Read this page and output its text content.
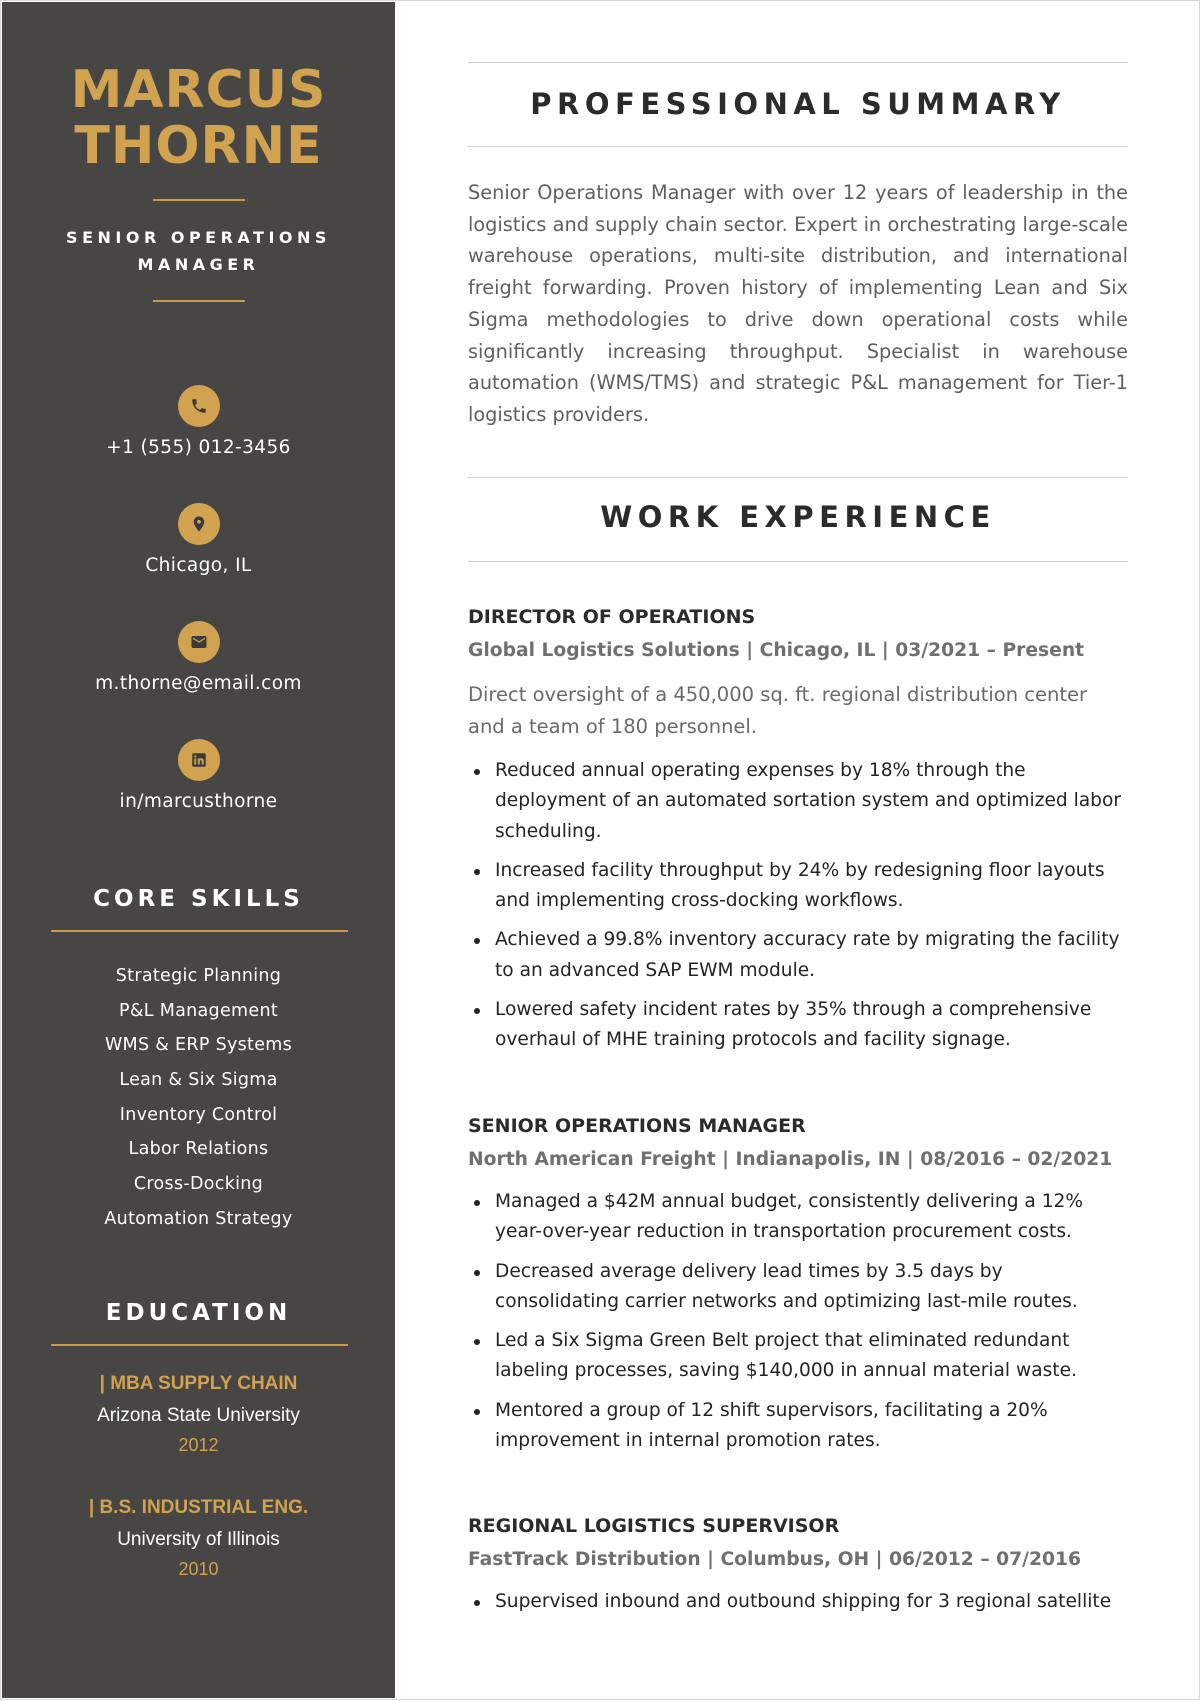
MARCUS
THORNE
SENIOR OPERATIONS
MANAGER
+1 (555) 012-3456
Chicago, IL
m.thorne@email.com
in/marcusthorne
CORE SKILLS
Strategic Planning
P&L Management
WMS & ERP Systems
Lean & Six Sigma
Inventory Control
Labor Relations
Cross-Docking
Automation Strategy
EDUCATION
| MBA SUPPLY CHAIN
Arizona State University
2012
| B.S. INDUSTRIAL ENG.
University of Illinois
2010
PROFESSIONAL SUMMARY

Senior Operations Manager with over 12 years of leadership in the logistics and supply chain sector. Expert in orchestrating large-scale warehouse operations, multi-site distribution, and international freight forwarding. Proven history of implementing Lean and Six Sigma methodologies to drive down operational costs while significantly increasing throughput. Specialist in warehouse automation (WMS/TMS) and strategic P&L management for Tier-1 logistics providers.

WORK EXPERIENCE
DIRECTOR OF OPERATIONS
Global Logistics Solutions | Chicago, IL | 03/2021 – Present
Direct oversight of a 450,000 sq. ft. regional distribution center and a team of 180 personnel.
Reduced annual operating expenses by 18% through the deployment of an automated sortation system and optimized labor scheduling.
Increased facility throughput by 24% by redesigning floor layouts and implementing cross-docking workflows.
Achieved a 99.8% inventory accuracy rate by migrating the facility to an advanced SAP EWM module.
Lowered safety incident rates by 35% through a comprehensive overhaul of MHE training protocols and facility signage.
SENIOR OPERATIONS MANAGER
North American Freight | Indianapolis, IN | 08/2016 – 02/2021
Managed a $42M annual budget, consistently delivering a 12% year-over-year reduction in transportation procurement costs.
Decreased average delivery lead times by 3.5 days by consolidating carrier networks and optimizing last-mile routes.
Led a Six Sigma Green Belt project that eliminated redundant labeling processes, saving $140,000 in annual material waste.
Mentored a group of 12 shift supervisors, facilitating a 20% improvement in internal promotion rates.
REGIONAL LOGISTICS SUPERVISOR
FastTrack Distribution | Columbus, OH | 06/2012 – 07/2016
Supervised inbound and outbound shipping for 3 regional satellite
